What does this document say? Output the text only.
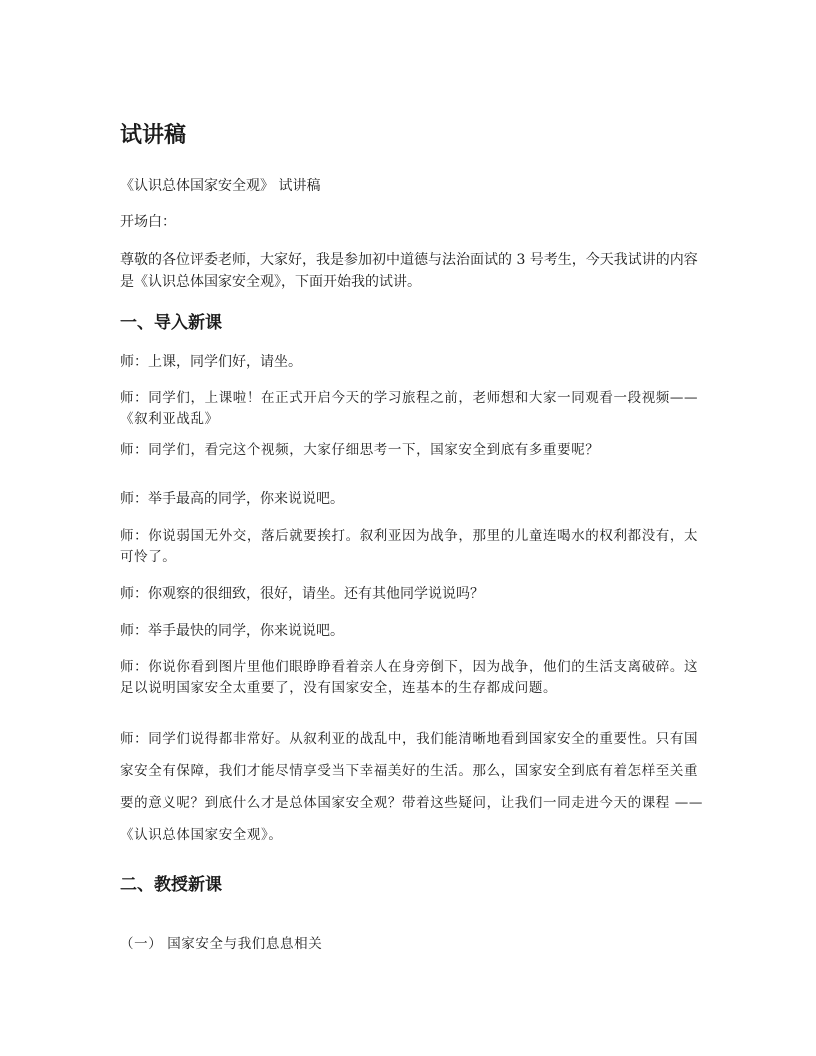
试讲稿

《认识总体国家安全观》 试讲稿

开场白：

尊敬的各位评委老师，大家好，我是参加初中道德与法治面试的 3 号考生，今天我试讲的内容是《认识总体国家安全观》，下面开始我的试讲。

一、导入新课

师：上课，同学们好，请坐。

师：同学们，上课啦！在正式开启今天的学习旅程之前，老师想和大家一同观看一段视频——  《叙利亚战乱》

师：同学们，看完这个视频，大家仔细思考一下，国家安全到底有多重要呢？

师：举手最高的同学，你来说说吧。

师：你说弱国无外交，落后就要挨打。叙利亚因为战争，那里的儿童连喝水的权利都没有，太可怜了。

师：你观察的很细致，很好，请坐。还有其他同学说说吗？

师：举手最快的同学，你来说说吧。

师：你说你看到图片里他们眼睁睁看着亲人在身旁倒下，因为战争，他们的生活支离破碎。这足以说明国家安全太重要了，没有国家安全，连基本的生存都成问题。

师：同学们说得都非常好。从叙利亚的战乱中，我们能清晰地看到国家安全的重要性。只有国家安全有保障，我们才能尽情享受当下幸福美好的生活。那么，国家安全到底有着怎样至关重要的意义呢？到底什么才是总体国家安全观？带着这些疑问，让我们一同走进今天的课程 ——  《认识总体国家安全观》。

二、教授新课

（一） 国家安全与我们息息相关
